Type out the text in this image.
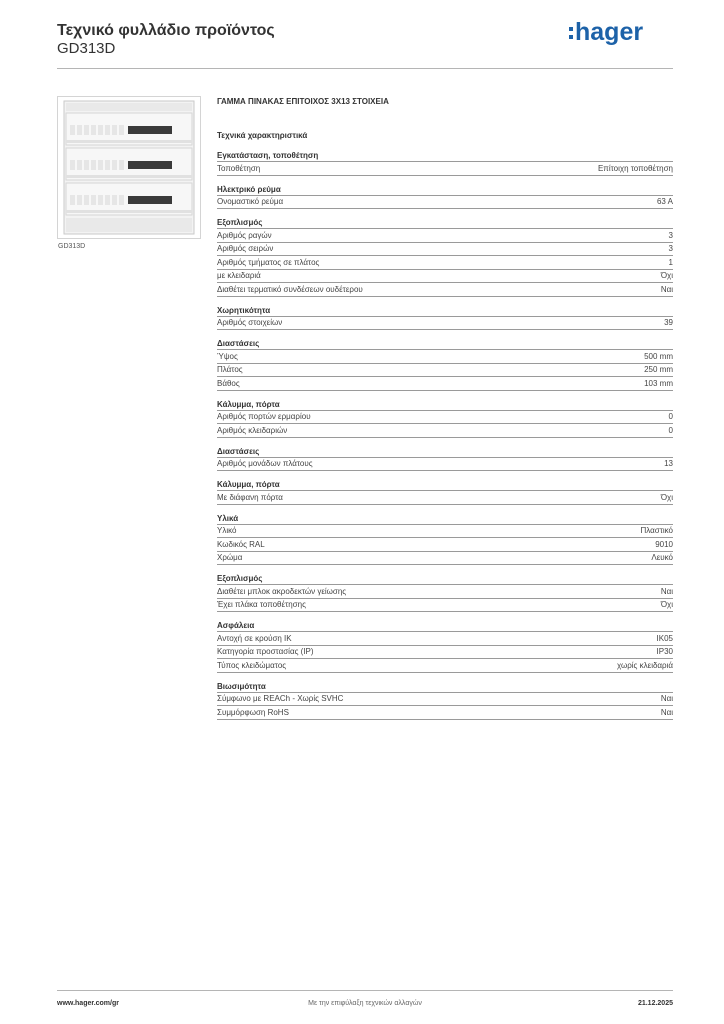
Τεχνικό φυλλάδιο προϊόντος
GD313D
hager
GD313D
ΓΑΜΜΑ ΠΙΝΑΚΑΣ ΕΠΙΤΟΙΧΟΣ 3X13 ΣΤΟΙΧΕΙΑ
Τεχνικά χαρακτηριστικά
Εγκατάσταση, τοποθέτηση
Τοποθέτηση	Επίτοιχη τοποθέτηση
Ηλεκτρικό ρεύμα
Ονομαστικό ρεύμα	63 A
Εξοπλισμός
Αριθμός ραγών	3
Αριθμός σειρών	3
Αριθμός τμήματος σε πλάτος	1
με κλειδαριά	Όχι
Διαθέτει τερματικό συνδέσεων ουδέτερου	Ναι
Χωρητικότητα
Αριθμός στοιχείων	39
Διαστάσεις
Ύψος	500 mm
Πλάτος	250 mm
Βάθος	103 mm
Κάλυμμα, πόρτα
Αριθμός πορτών ερμαρίου	0
Αριθμός κλειδαριών	0
Διαστάσεις
Αριθμός μονάδων πλάτους	13
Κάλυμμα, πόρτα
Με διάφανη πόρτα	Όχι
Υλικά
Υλικό	Πλαστικό
Κωδικός RAL	9010
Χρώμα	Λευκό
Εξοπλισμός
Διαθέτει μπλοκ ακροδεκτών γείωσης	Ναι
Έχει πλάκα τοποθέτησης	Όχι
Ασφάλεια
Αντοχή σε κρούση IK	IK05
Κατηγορία προστασίας (IP)	IP30
Τύπος κλειδώματος	χωρίς κλειδαριά
Βιωσιμότητα
Σύμφωνο με REACh - Χωρίς SVHC	Ναι
Συμμόρφωση RoHS	Ναι
www.hager.com/gr	Με την επιφύλαξη τεχνικών αλλαγών	21.12.2025
